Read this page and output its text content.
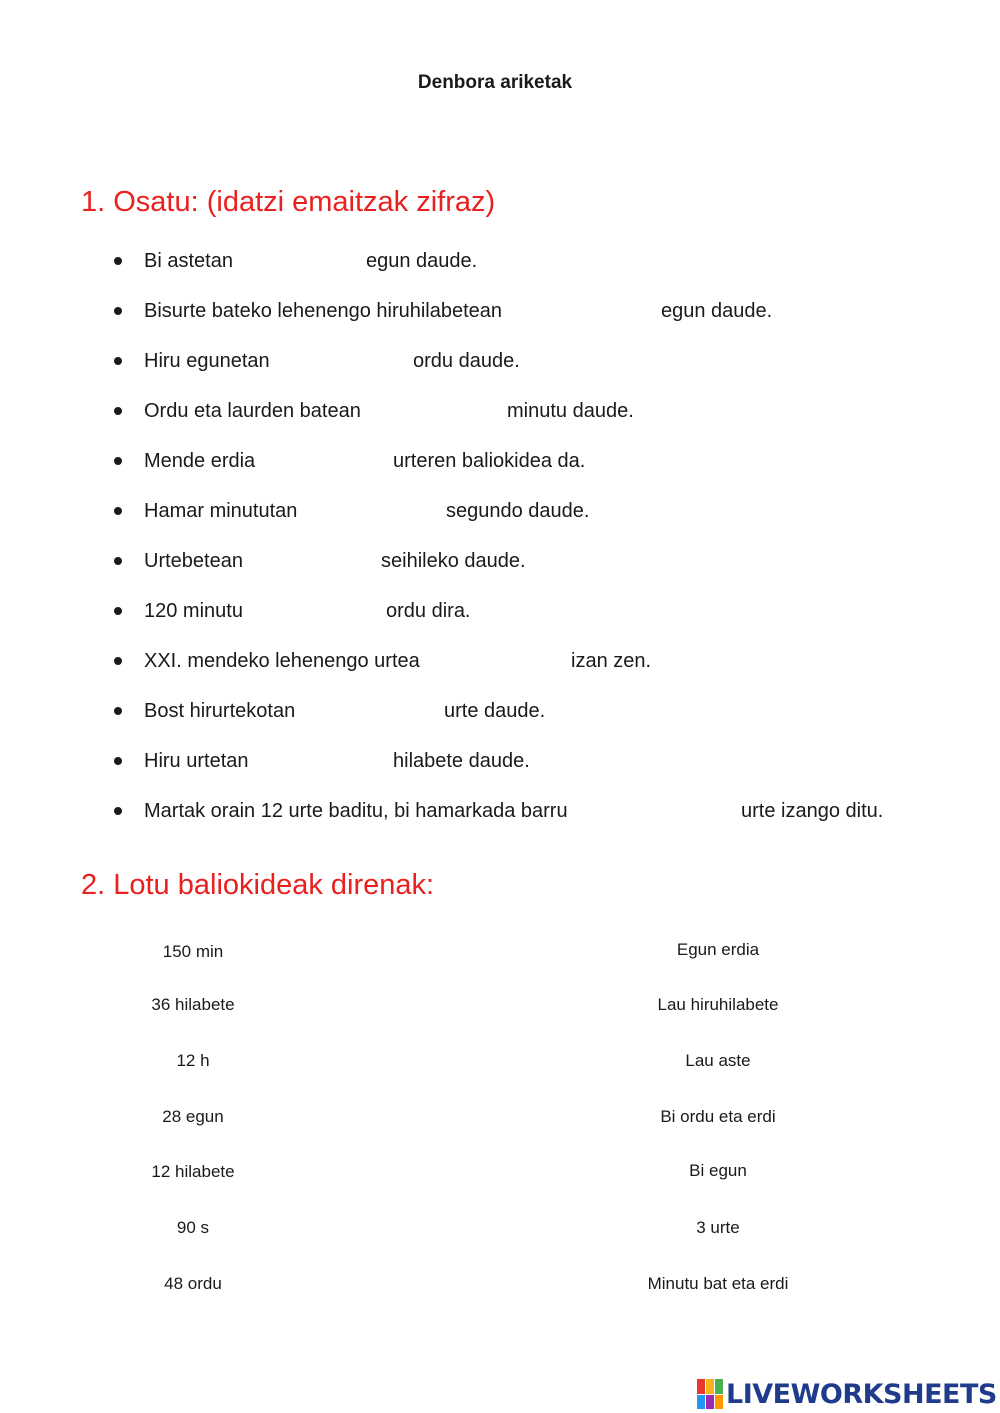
Denbora ariketak
1. Osatu: (idatzi emaitzak zifraz)
Bi astetan	egun daude.
Bisurte bateko lehenengo hiruhilabetean	egun daude.
Hiru egunetan	ordu daude.
Ordu eta laurden batean	minutu daude.
Mende erdia	urteren baliokidea da.
Hamar minututan	segundo daude.
Urtebetean	seihileko daude.
120 minutu	ordu dira.
XXI. mendeko lehenengo urtea	izan zen.
Bost hirurtekotan	urte daude.
Hiru urtetan	hilabete daude.
Martak orain 12 urte baditu, bi hamarkada barru	urte izango ditu.
2. Lotu baliokideak direnak:
150 min
36 hilabete
12 h
28 egun
12 hilabete
90 s
48 ordu
Egun erdia
Lau hiruhilabete
Lau aste
Bi ordu eta erdi
Bi egun
3 urte
Minutu bat eta erdi
LIVEWORKSHEETS
